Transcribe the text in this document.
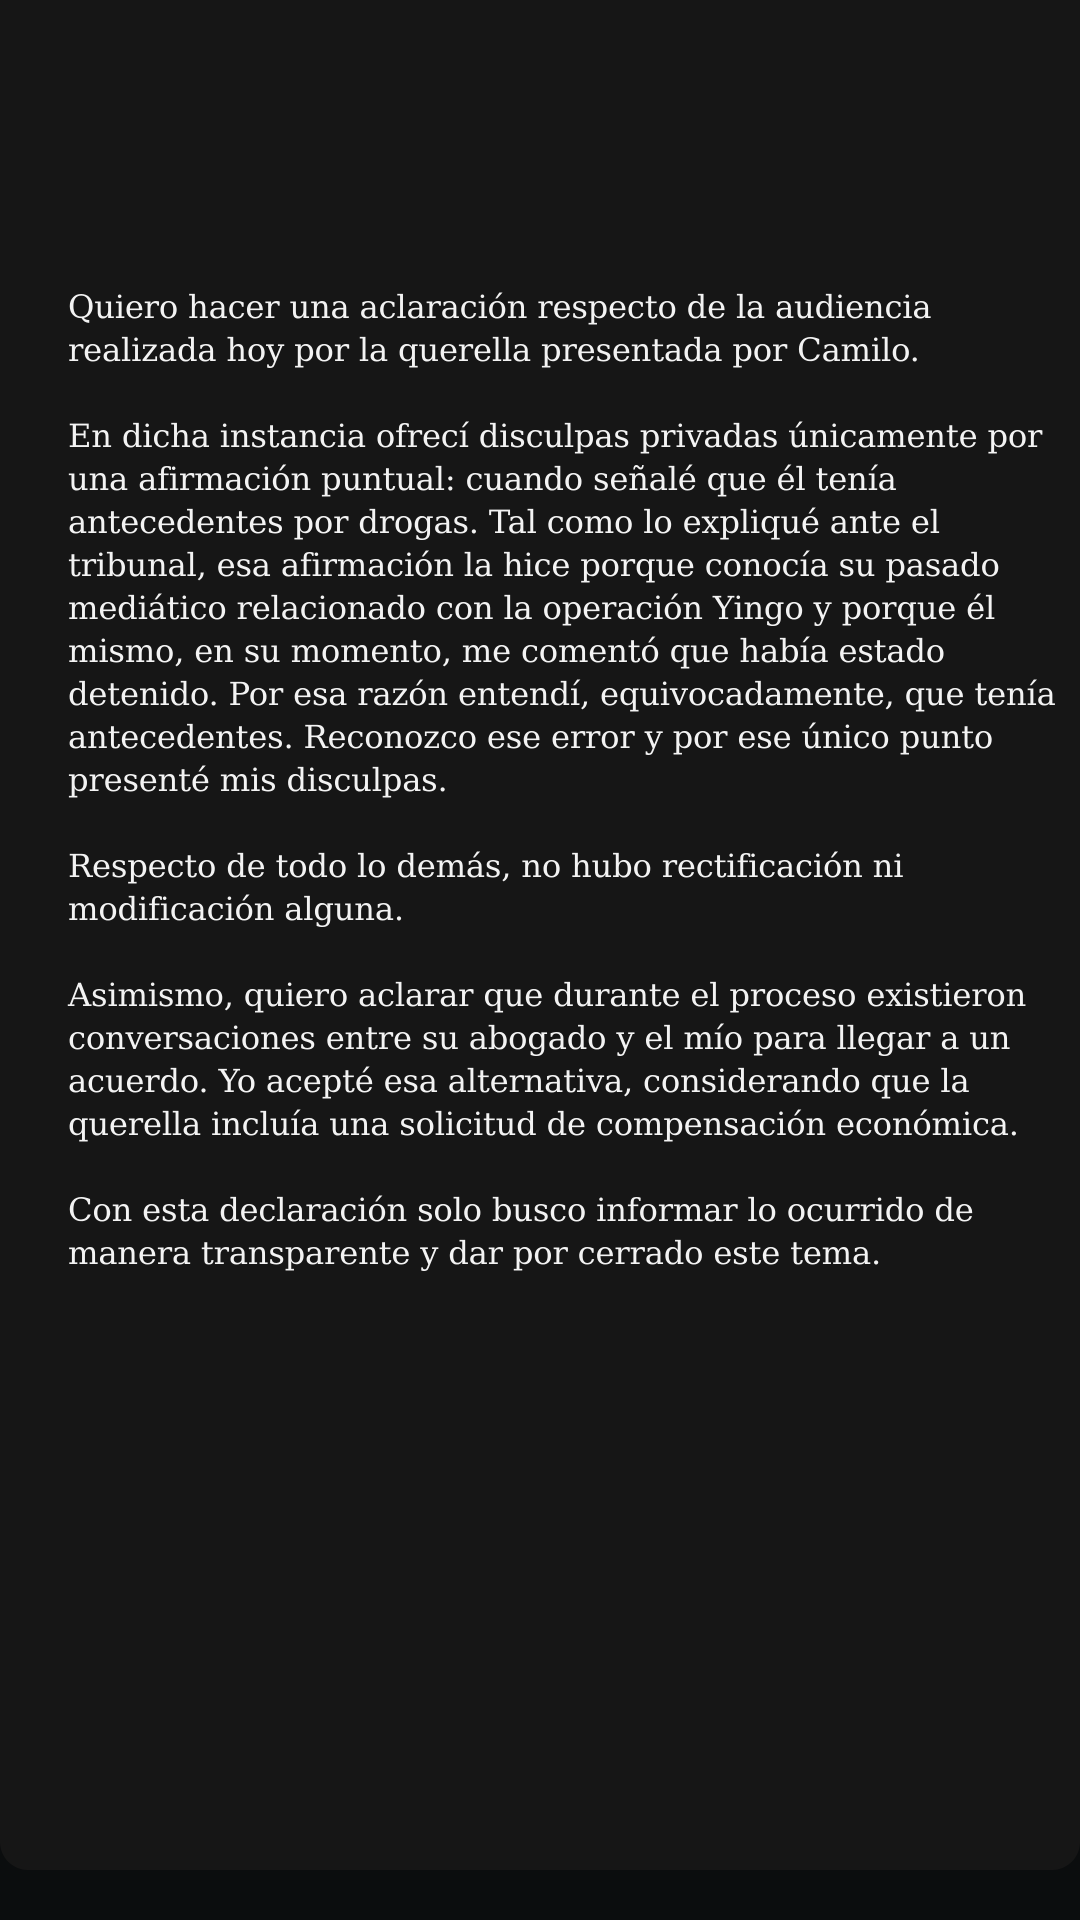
Quiero hacer una aclaración respecto de la audiencia
realizada hoy por la querella presentada por Camilo.

En dicha instancia ofrecí disculpas privadas únicamente por
una afirmación puntual: cuando señalé que él tenía
antecedentes por drogas. Tal como lo expliqué ante el
tribunal, esa afirmación la hice porque conocía su pasado
mediático relacionado con la operación Yingo y porque él
mismo, en su momento, me comentó que había estado
detenido. Por esa razón entendí, equivocadamente, que tenía
antecedentes. Reconozco ese error y por ese único punto
presenté mis disculpas.

Respecto de todo lo demás, no hubo rectificación ni
modificación alguna.

Asimismo, quiero aclarar que durante el proceso existieron
conversaciones entre su abogado y el mío para llegar a un
acuerdo. Yo acepté esa alternativa, considerando que la
querella incluía una solicitud de compensación económica.

Con esta declaración solo busco informar lo ocurrido de
manera transparente y dar por cerrado este tema.
